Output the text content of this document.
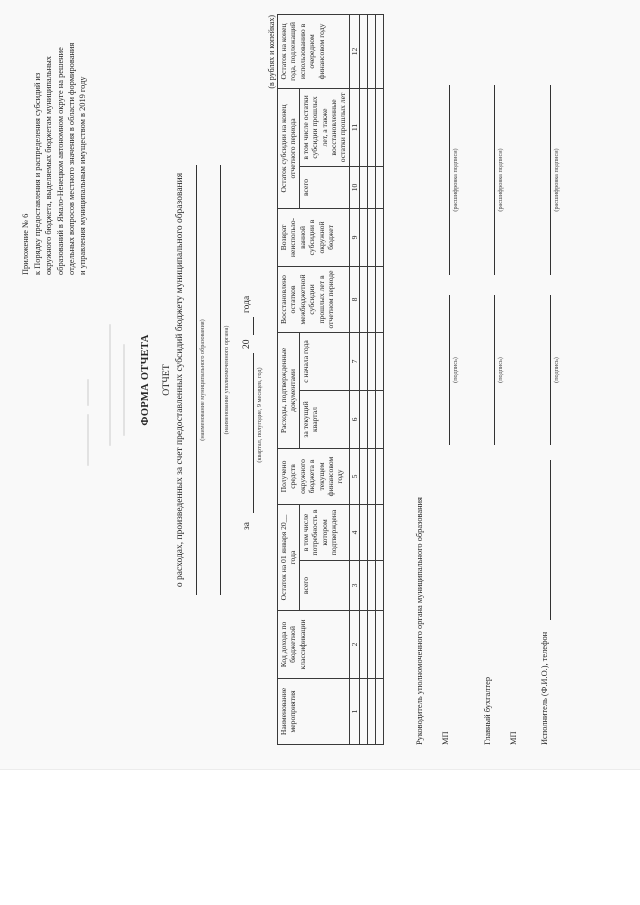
Приложение № 6 к Порядку предоставления и распределения субсидий из окружного бюджета, выделяемых бюджетам муниципальных образований в Ямало-Ненецком автономном округе на решение отдельных вопросов местного значения в области формирования и управления муниципальным имуществом в 2019 году
ФОРМА ОТЧЕТА ОТЧЕТ о расходах, произведенных за счет предоставленных субсидий бюджету муниципального образования (наименование муниципального образования)	(наименование уполномоченного органа)
за
20
года
(квартал, полугодие, 9 месяцев, год)
(в рублях и копейках)
Наименование мероприятия	Код дохода по бюджетной классификации	Остаток на 01 января 20__ года		Получено средств окружного бюджета в текущем финансовом году	Расходы, подтвержденные документами		Восстановлено остатков межбюджетной субсидии прошлых лет в отчетном периоде	Возврат неиспользо-ванной субсидии в окружной бюджет	Остаток субсидии на конец отчетного периода		Остаток на конец года, подлежащий использованию в очередном финансовом году
		всего	в том числе потребность в котором подтверждена		за текущий квартал	с начала года			всего	в том числе остатки субсидии прошлых лет, а также восстановленные остатки прошлых лет	
1	2	3	4	5	6	7	8	9	10	11	12

Руководитель уполномоченного органа муниципального образования МП
(подпись)
(расшифровка подписи)
Главный бухгалтер МП
(подпись)
(расшифровка подписи)
Исполнитель (Ф.И.О.), телефон
(подпись)
(расшифровка подписи)
